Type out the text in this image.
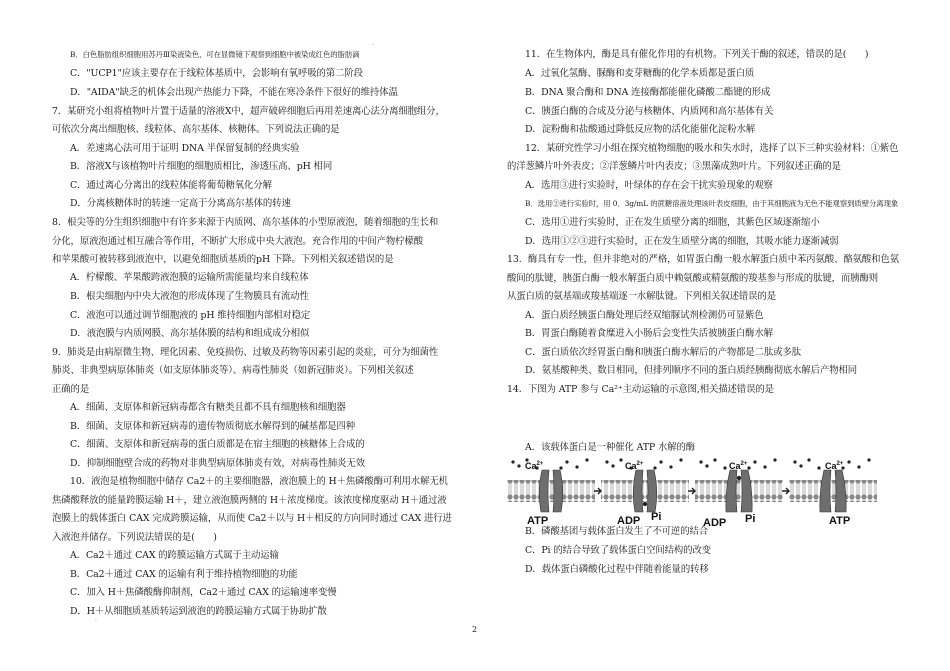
·
·
B．白色脂肪组织细胞用苏丹Ⅲ染液染色，可在显微镜下观察到细胞中被染成红色的脂肪滴
C．"UCP1"应该主要存在于线粒体基质中，会影响有氧呼吸的第二阶段
D．"AIDA"缺乏的机体会出现产热能力下降，不能在寒冷条件下很好的维持体温
7．某研究小组将植物叶片置于适量的溶液X中，超声破碎细胞后再用差速离心法分离细胞组分，
可依次分离出细胞核、线粒体、高尔基体、核糖体。下列说法正确的是
A．差速离心法可用于证明 DNA 半保留复制的经典实验
B．溶液X与该植物叶片细胞的细胞质相比，渗透压高、pH 相同
C．通过离心分离出的线粒体能将葡萄糖氧化分解
D．分离核糖体时的转速一定高于分离高尔基体的转速
8．根尖等的分生组织细胞中有许多来源于内质网、高尔基体的小型原液泡，随着细胞的生长和
分化，原液泡通过相互融合等作用，不断扩大形成中央大液泡。充合作用的中间产物柠檬酸
和苹果酸可被转移到液泡中，以避免细胞质基质的pH 下降。下列相关叙述错误的是
A．柠檬酸、苹果酸跨液泡膜的运输所需能量均来自线粒体
B．根尖细胞内中央大液泡的形成体现了生物膜具有流动性
C．液泡可以通过调节细胞液的 pH 维持细胞内部相对稳定
D．液泡膜与内质网膜、高尔基体膜的结构和组成成分相似
9．肺炎是由病原微生物、理化因素、免疫损伤、过敏及药物等因素引起的炎症，可分为细菌性
肺炎、非典型病原体肺炎（如支原体肺炎等）、病毒性肺炎（如新冠肺炎）。下列相关叙述
正确的是
A．细菌、支原体和新冠病毒都含有糖类且都不具有细胞核和细胞器
B．细菌、支原体和新冠病毒的遗传物质彻底水解得到的碱基都是四种
C．细菌、支原体和新冠病毒的蛋白质都是在宿主细胞的核糖体上合成的
D．抑制细胞壁合成的药物对非典型病原体肺炎有效，对病毒性肺炎无效
10．液泡是植物细胞中储存 Ca2＋的主要细胞器，液泡膜上的 H＋焦磷酸酶可利用水解无机
焦磷酸释放的能量跨膜运输 H＋，建立液泡膜两侧的 H＋浓度梯度。该浓度梯度驱动 H＋通过液
泡膜上的载体蛋白 CAX 完成跨膜运输，从而使 Ca2＋以与 H＋相反的方向同时通过 CAX 进行进
入液泡并储存。下列说法错误的是(　　)
A．Ca2＋通过 CAX 的跨膜运输方式属于主动运输
B．Ca2＋通过 CAX 的运输有利于维持植物细胞的功能
C．加入 H＋焦磷酸酶抑制剂，Ca2＋通过 CAX 的运输速率变慢
D．H＋从细胞质基质转运到液泡的跨膜运输方式属于协助扩散
$Ca^{2+}$	$Ca^{2+}$	$Ca^{2+}$	$Ca^{2+}$
ATP	ADP Pi	ADP Pi	ATP
11．在生物体内，酶是具有催化作用的有机物。下列关于酶的叙述，错误的是(　　)
A．过氧化氢酶、脲酶和麦芽糖酶的化学本质都是蛋白质
B．DNA 聚合酶和 DNA 连接酶都能催化磷酸二酯键的形成
C．胰蛋白酶的合成及分泌与核糖体、内质网和高尔基体有关
D．淀粉酶和盐酸通过降低反应物的活化能催化淀粉水解
12．某研究性学习小组在探究植物细胞的吸水和失水时，选择了以下三种实验材料：①紫色
的洋葱鳞片叶外表皮；②洋葱鳞片叶内表皮；③黑藻成熟叶片。下列叙述正确的是
A．选用③进行实验时，叶绿体的存在会干扰实验现象的观察
B．选用②进行实验时，用 0．3g/mL 的蔗糖溶液处理该叶表皮细胞，由于其细胞液为无色不能观察到质壁分离现象
C．选用①进行实验时，正在发生质壁分离的细胞，其紫色区域逐渐缩小
D．选用①②③进行实验时，正在发生质壁分离的细胞，其吸水能力逐渐减弱
13．酶具有专一性，但并非绝对的严格，如胃蛋白酶一般水解蛋白质中苯丙氨酸、酪氨酸和色氨
酸间的肽键，胰蛋白酶一般水解蛋白质中赖氨酸或精氨酸的羧基参与形成的肽键，而胰酶则
从蛋白质的氨基端或羧基端逐一水解肽键。下列相关叙述错误的是
A．蛋白质经胰蛋白酶处理后经双缩脲试剂检测仍可显紫色
B．胃蛋白酶随着食糜进入小肠后会变性失活被胰蛋白酶水解
C．蛋白质依次经胃蛋白酶和胰蛋白酶水解后的产物都是二肽或多肽
D．氨基酸种类、数目相同，但排列顺序不同的蛋白质经胰酶彻底水解后产物相同
14．下图为 ATP 参与 Ca²⁺主动运输的示意图,相关描述错误的是
A．该载体蛋白是一种催化 ATP 水解的酶
B．磷酸基团与载体蛋白发生了不可逆的结合
C．Pi 的结合导致了载体蛋白空间结构的改变
D．载体蛋白磷酸化过程中伴随着能量的转移
2
